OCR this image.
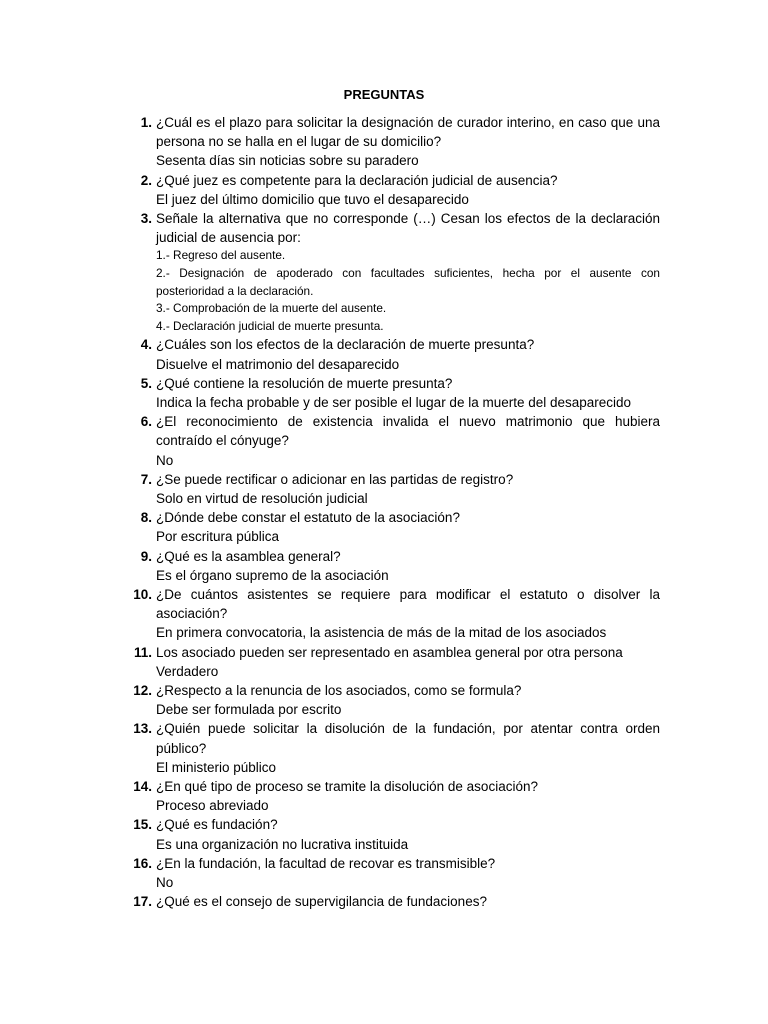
PREGUNTAS
1. ¿Cuál es el plazo para solicitar la designación de curador interino, en caso que una persona no se halla en el lugar de su domicilio?
Sesenta días sin noticias sobre su paradero
2. ¿Qué juez es competente para la declaración judicial de ausencia?
El juez del último domicilio que tuvo el desaparecido
3. Señale la alternativa que no corresponde (…) Cesan los efectos de la declaración judicial de ausencia por:
1.- Regreso del ausente.
2.- Designación de apoderado con facultades suficientes, hecha por el ausente con posterioridad a la declaración.
3.- Comprobación de la muerte del ausente.
4.- Declaración judicial de muerte presunta.
4. ¿Cuáles son los efectos de la declaración de muerte presunta?
Disuelve el matrimonio del desaparecido
5. ¿Qué contiene la resolución de muerte presunta?
Indica la fecha probable y de ser posible el lugar de la muerte del desaparecido
6. ¿El reconocimiento de existencia invalida el nuevo matrimonio que hubiera contraído el cónyuge?
No
7. ¿Se puede rectificar o adicionar en las partidas de registro?
Solo en virtud de resolución judicial
8. ¿Dónde debe constar el estatuto de la asociación?
Por escritura pública
9. ¿Qué es la asamblea general?
Es el órgano supremo de la asociación
10. ¿De cuántos asistentes se requiere para modificar el estatuto o disolver la asociación?
En primera convocatoria, la asistencia de más de la mitad de los asociados
11. Los asociado pueden ser representado en asamblea general por otra persona
Verdadero
12. ¿Respecto a la renuncia de los asociados, como se formula?
Debe ser formulada por escrito
13. ¿Quién puede solicitar la disolución de la fundación, por atentar contra orden público?
El ministerio público
14. ¿En qué tipo de proceso se tramite la disolución de asociación?
Proceso abreviado
15. ¿Qué es fundación?
Es una organización no lucrativa instituida
16. ¿En la fundación, la facultad de recovar es transmisible?
No
17. ¿Qué es el consejo de supervigilancia de fundaciones?
